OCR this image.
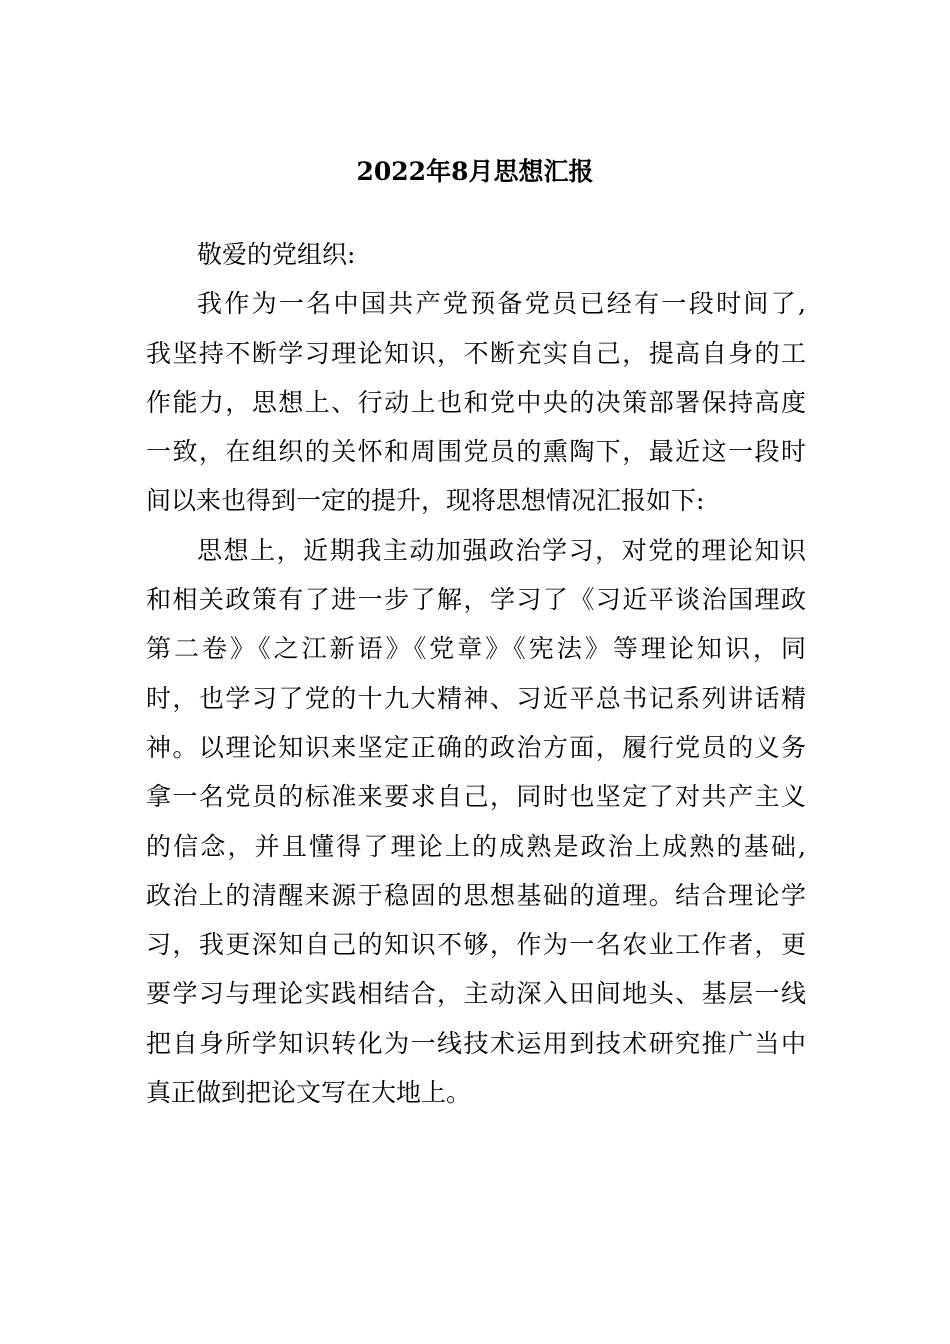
2022年8月思想汇报
敬爱的党组织:
我作为一名中国共产党预备党员已经有一段时间了,
我坚持不断学习理论知识，不断充实自己，提高自身的工
作能力，思想上、行动上也和党中央的决策部署保持高度
一致，在组织的关怀和周围党员的熏陶下，最近这一段时
间以来也得到一定的提升，现将思想情况汇报如下:
思想上，近期我主动加强政治学习，对党的理论知识
和相关政策有了进一步了解，学习了《习近平谈治国理政
第二卷》《之江新语》《党章》《宪法》等理论知识，同
时，也学习了党的十九大精神、习近平总书记系列讲话精
神。以理论知识来坚定正确的政治方面，履行党员的义务
拿一名党员的标准来要求自己，同时也坚定了对共产主义
的信念，并且懂得了理论上的成熟是政治上成熟的基础,
政治上的清醒来源于稳固的思想基础的道理。结合理论学
习，我更深知自己的知识不够，作为一名农业工作者，更
要学习与理论实践相结合，主动深入田间地头、基层一线
把自身所学知识转化为一线技术运用到技术研究推广当中
真正做到把论文写在大地上。
